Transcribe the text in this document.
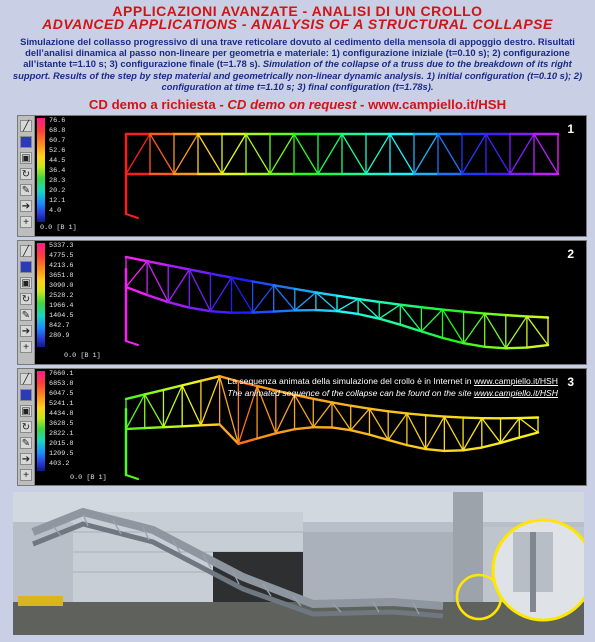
APPLICAZIONI AVANZATE - ANALISI DI UN CROLLO
ADVANCED APPLICATIONS - ANALYSIS OF A STRUCTURAL COLLAPSE
Simulazione del collasso progressivo di una trave reticolare dovuto al cedimento della mensola di appoggio destro. Risultati dell’analisi dinamica al passo non-lineare per geometria e materiale: 1) configurazione iniziale (t=0.10 s); 2) configurazione all’istante t=1.10 s; 3) configurazione finale (t=1.78 s). Simulation of the collapse of a truss due to the breakdown of its right support. Results of the step by step material and geometrically non-linear dynamic analysis. 1) initial configuration (t=0.10 s); 2) configuration at time t=1.10 s; 3) final configuration (t=1.78s).
CD demo a richiesta - CD demo on request - www.campiello.it/HSH
╱
▣
↻
✎
➔
+
76.6
68.8
60.7
52.6
44.5
36.4
28.3
20.2
12.1
4.0
0.0 [B 1]
1
╱
▣
↻
✎
➔
+
5337.3
4775.5
4213.6
3651.8
3090.0
2528.2
1966.4
1404.5
842.7
280.9
0.0 [B 1]
2
╱
▣
↻
✎
➔
+
7660.1
6853.8
6047.5
5241.1
4434.8
3628.5
2822.1
2015.8
1209.5
403.2
0.0 [B 1]
3
La sequenza animata della simulazione del crollo è in Internet in www.campiello.it/HSH
The animated sequence of the collapse can be found on the site www.campiello.it/HSH
